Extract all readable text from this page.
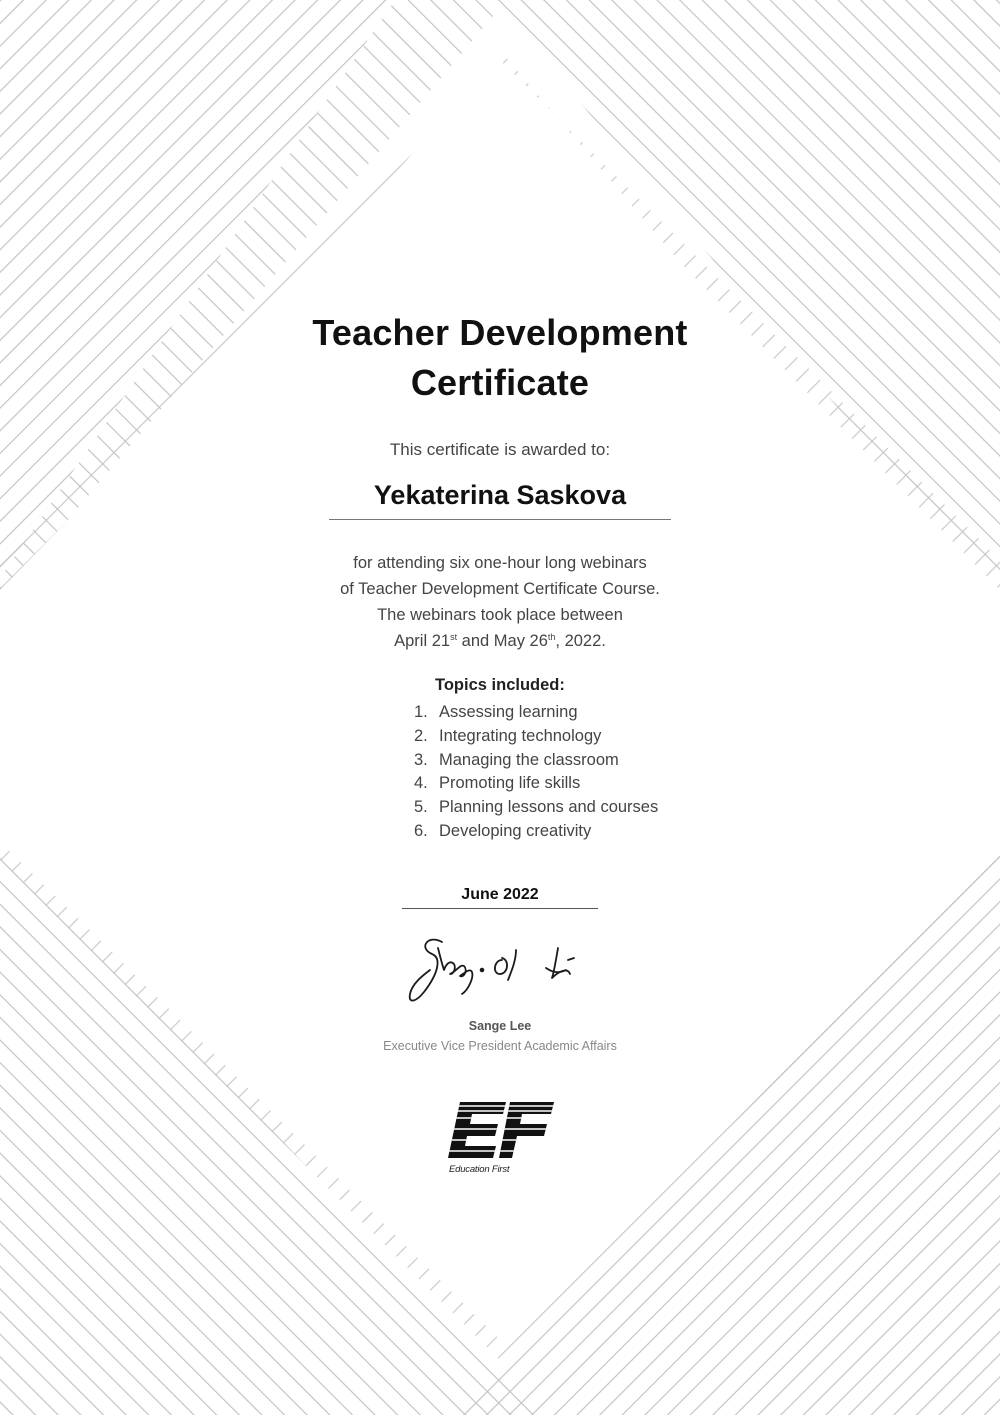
Teacher Development
Certificate
This certificate is awarded to:
Yekaterina Saskova
for attending six one-hour long webinars
of Teacher Development Certificate Course.
The webinars took place between
April 21st and May 26th, 2022.
Topics included:
1. Assessing learning
2. Integrating technology
3. Managing the classroom
4. Promoting life skills
5. Planning lessons and courses
6. Developing creativity
June 2022
Sange Lee
Executive Vice President Academic Affairs
Education First
